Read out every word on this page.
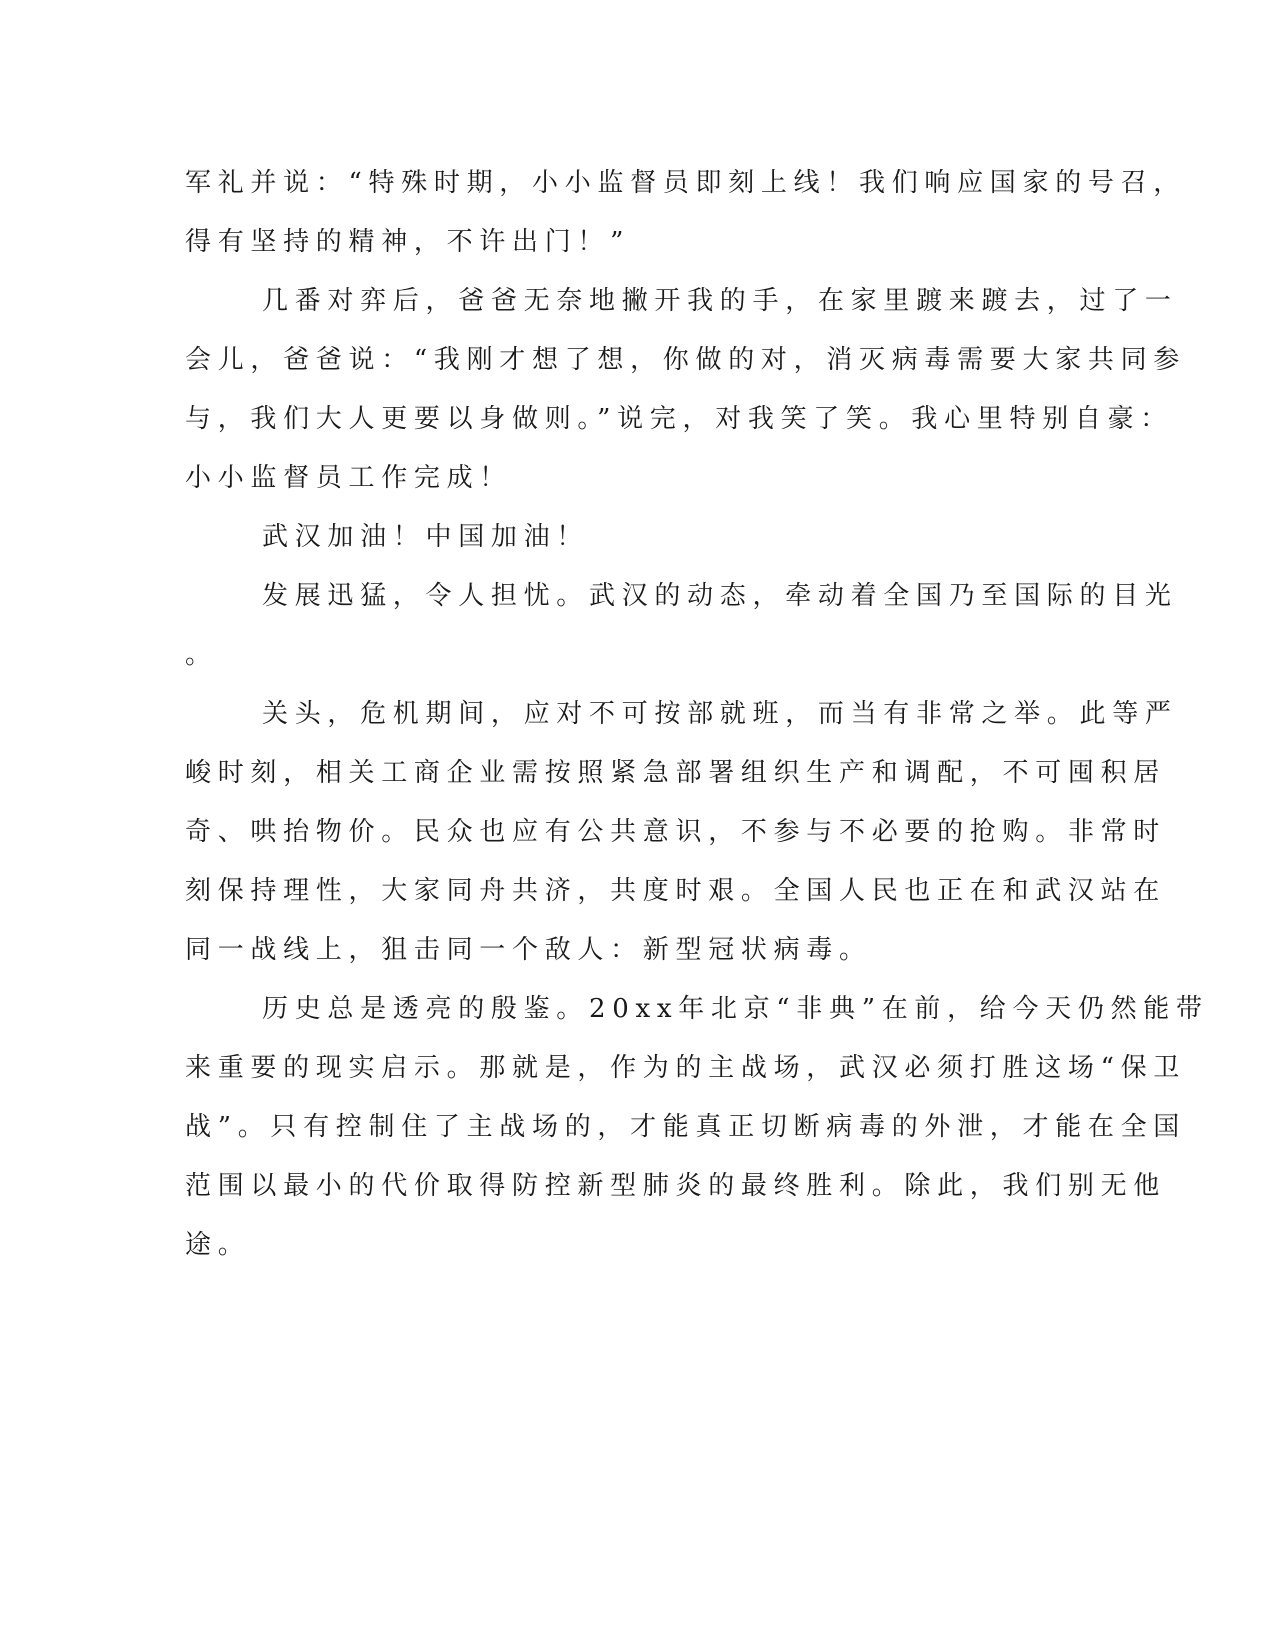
军礼并说：“特殊时期，小小监督员即刻上线！我们响应国家的号召，
得有坚持的精神，不许出门！”
几番对弈后，爸爸无奈地撇开我的手，在家里踱来踱去，过了一
会儿，爸爸说：“我刚才想了想，你做的对，消灭病毒需要大家共同参
与，我们大人更要以身做则。”说完，对我笑了笑。我心里特别自豪：
小小监督员工作完成！
武汉加油！中国加油！
发展迅猛，令人担忧。武汉的动态，牵动着全国乃至国际的目光
。
关头，危机期间，应对不可按部就班，而当有非常之举。此等严
峻时刻，相关工商企业需按照紧急部署组织生产和调配，不可囤积居
奇、哄抬物价。民众也应有公共意识，不参与不必要的抢购。非常时
刻保持理性，大家同舟共济，共度时艰。全国人民也正在和武汉站在
同一战线上，狙击同一个敌人：新型冠状病毒。
历史总是透亮的殷鉴。20xx年北京“非典”在前，给今天仍然能带
来重要的现实启示。那就是，作为的主战场，武汉必须打胜这场“保卫
战”。只有控制住了主战场的，才能真正切断病毒的外泄，才能在全国
范围以最小的代价取得防控新型肺炎的最终胜利。除此，我们别无他
途。
